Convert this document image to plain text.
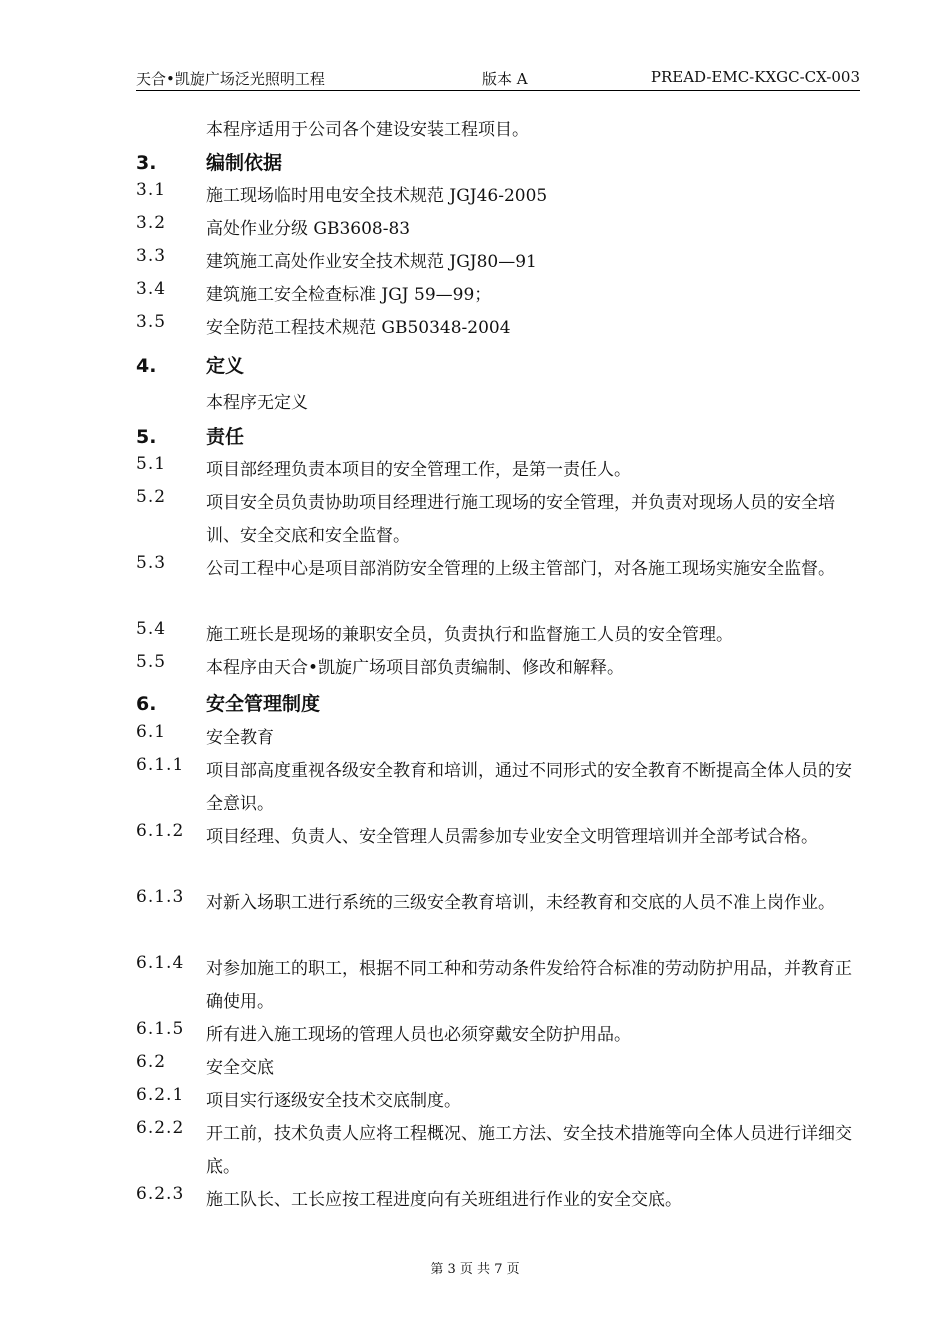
天合•凯旋广场泛光照明工程	版本 A	PREAD-EMC-KXGC-CX-003
本程序适用于公司各个建设安装工程项目。
3.	编制依据
3.1 施工现场临时用电安全技术规范 JGJ46-2005
3.2 高处作业分级 GB3608-83
3.3 建筑施工高处作业安全技术规范 JGJ80—91
3.4 建筑施工安全检查标准 JGJ 59—99；
3.5 安全防范工程技术规范 GB50348-2004
4.	定义
本程序无定义
5.	责任
5.1 项目部经理负责本项目的安全管理工作，是第一责任人。
5.2 项目安全员负责协助项目经理进行施工现场的安全管理，并负责对现场人员的安全培训、安全交底和安全监督。
5.3 公司工程中心是项目部消防安全管理的上级主管部门，对各施工现场实施安全监督。
5.4 施工班长是现场的兼职安全员，负责执行和监督施工人员的安全管理。
5.5 本程序由天合•凯旋广场项目部负责编制、修改和解释。
6.	安全管理制度
6.1 安全教育
6.1.1 项目部高度重视各级安全教育和培训，通过不同形式的安全教育不断提高全体人员的安全意识。
6.1.2 项目经理、负责人、安全管理人员需参加专业安全文明管理培训并全部考试合格。
6.1.3 对新入场职工进行系统的三级安全教育培训，未经教育和交底的人员不准上岗作业。
6.1.4 对参加施工的职工，根据不同工种和劳动条件发给符合标准的劳动防护用品，并教育正确使用。
6.1.5 所有进入施工现场的管理人员也必须穿戴安全防护用品。
6.2 安全交底
6.2.1 项目实行逐级安全技术交底制度。
6.2.2 开工前，技术负责人应将工程概况、施工方法、安全技术措施等向全体人员进行详细交底。
6.2.3 施工队长、工长应按工程进度向有关班组进行作业的安全交底。
第 3 页 共 7 页
